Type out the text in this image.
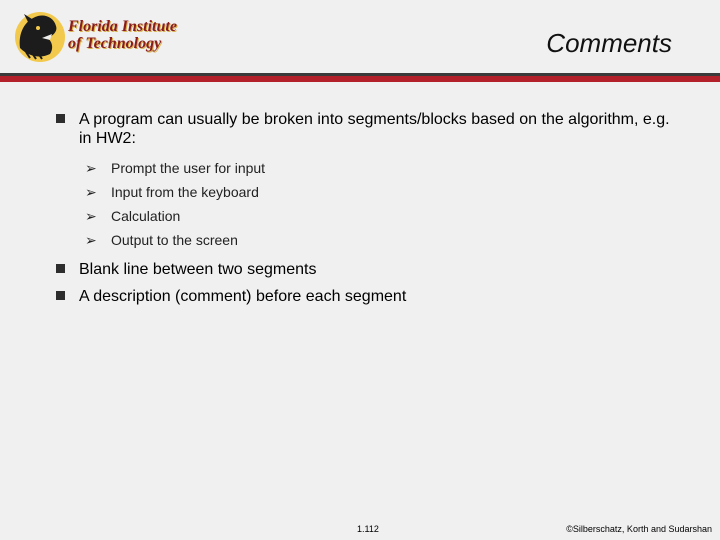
Florida Institute
of Technology	Comments
A program can usually be broken into segments/blocks based on the algorithm, e.g. in HW2:
➢ Prompt the user for input
➢ Input from the keyboard
➢ Calculation
➢ Output to the screen
Blank line between two segments
A description (comment) before each segment
1.112	©Silberschatz, Korth and Sudarshan
